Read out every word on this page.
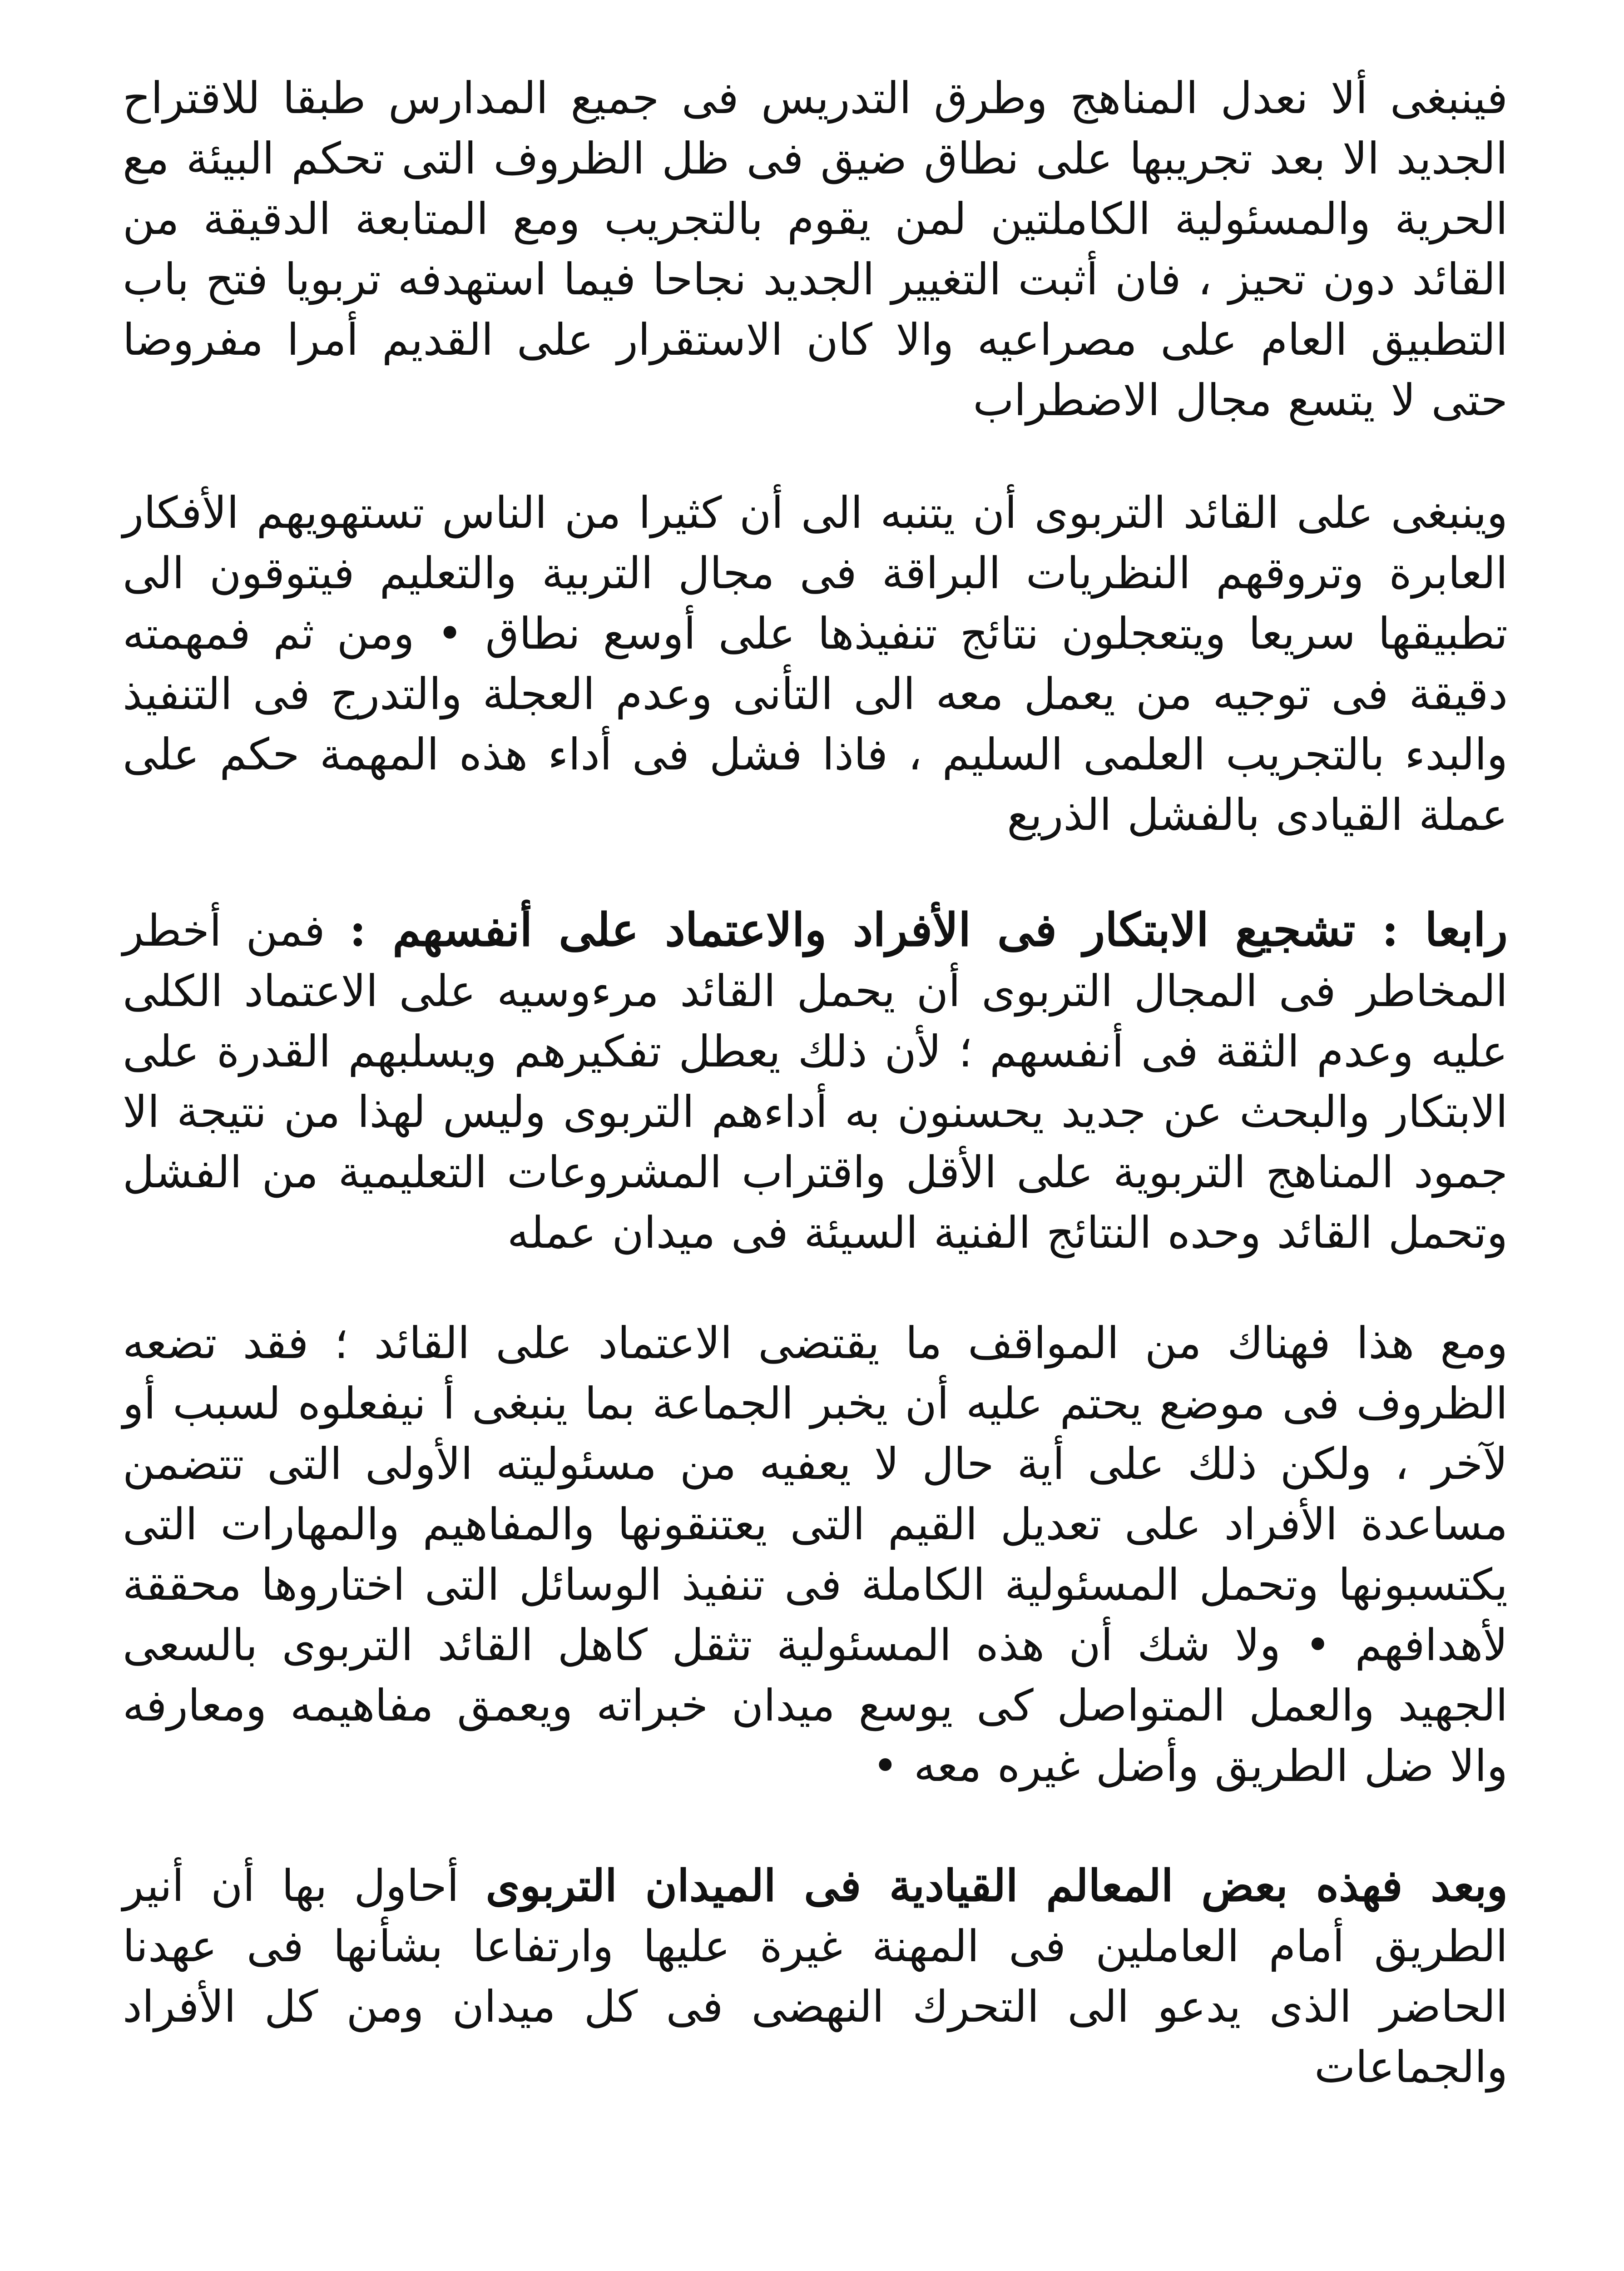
فينبغى ألا نعدل المناهج وطرق التدريس فى جميع المدارس طبقا للاقتراح الجديد الا بعد تجريبها على نطاق ضيق فى ظل الظروف التى تحكم البيئة مع الحرية والمسئولية الكاملتين لمن يقوم بالتجريب ومع المتابعة الدقيقة من القائد دون تحيز ، فان أثبت التغيير الجديد نجاحا فيما استهدفه تربويا فتح باب التطبيق العام على مصراعيه والا كان الاستقرار على القديم أمرا مفروضا حتى لا يتسع مجال الاضطراب

وينبغى على القائد التربوى أن يتنبه الى أن كثيرا من الناس تستهويهم الأفكار العابرة وتروقهم النظريات البراقة فى مجال التربية والتعليم فيتوقون الى تطبيقها سريعا ويتعجلون نتائج تنفيذها على أوسع نطاق • ومن ثم فمهمته دقيقة فى توجيه من يعمل معه الى التأنى وعدم العجلة والتدرج فى التنفيذ والبدء بالتجريب العلمى السليم ، فاذا فشل فى أداء هذه المهمة حكم على عملة القيادى بالفشل الذريع

رابعا : تشجيع الابتكار فى الأفراد والاعتماد على أنفسهم : فمن أخطر المخاطر فى المجال التربوى أن يحمل القائد مرءوسيه على الاعتماد الكلى عليه وعدم الثقة فى أنفسهم ؛ لأن ذلك يعطل تفكيرهم ويسلبهم القدرة على الابتكار والبحث عن جديد يحسنون به أداءهم التربوى وليس لهذا من نتيجة الا جمود المناهج التربوية على الأقل واقتراب المشروعات التعليمية من الفشل وتحمل القائد وحده النتائج الفنية السيئة فى ميدان عمله

ومع هذا فهناك من المواقف ما يقتضى الاعتماد على القائد ؛ فقد تضعه الظروف فى موضع يحتم عليه أن يخبر الجماعة بما ينبغى أ نيفعلوه لسبب أو لآخر ، ولكن ذلك على أية حال لا يعفيه من مسئوليته الأولى التى تتضمن مساعدة الأفراد على تعديل القيم التى يعتنقونها والمفاهيم والمهارات التى يكتسبونها وتحمل المسئولية الكاملة فى تنفيذ الوسائل التى اختاروها محققة لأهدافهم • ولا شك أن هذه المسئولية تثقل كاهل القائد التربوى بالسعى الجهيد والعمل المتواصل كى يوسع ميدان خبراته ويعمق مفاهيمه ومعارفه والا ضل الطريق وأضل غيره معه •

وبعد فهذه بعض المعالم القيادية فى الميدان التربوى أحاول بها أن أنير الطريق أمام العاملين فى المهنة غيرة عليها وارتفاعا بشأنها فى عهدنا الحاضر الذى يدعو الى التحرك النهضى فى كل ميدان ومن كل الأفراد والجماعات
